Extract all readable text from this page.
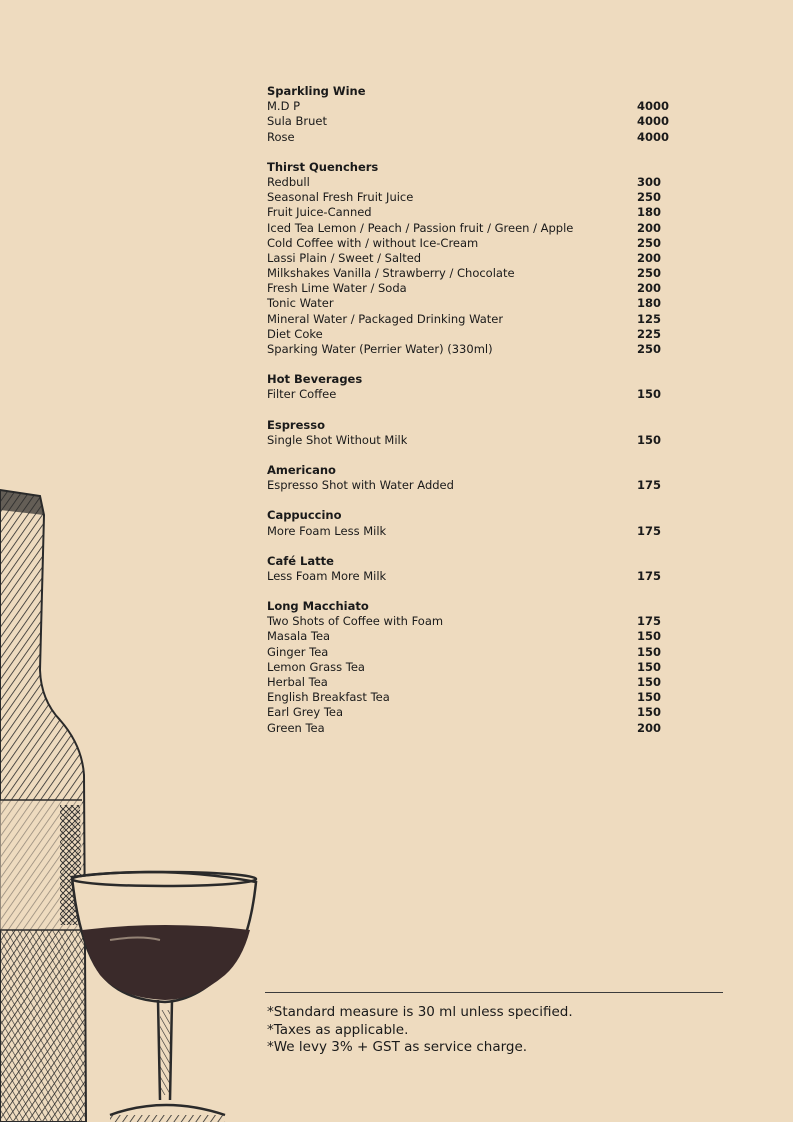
Sparkling Wine
M.D P	4000
Sula Bruet	4000
Rose	4000
Thirst Quenchers
Redbull	300
Seasonal Fresh Fruit Juice	250
Fruit Juice-Canned	180
Iced Tea Lemon / Peach / Passion fruit / Green / Apple	200
Cold Coffee with / without Ice-Cream	250
Lassi Plain / Sweet / Salted	200
Milkshakes Vanilla / Strawberry / Chocolate	250
Fresh Lime Water / Soda	200
Tonic Water	180
Mineral Water / Packaged Drinking Water	125
Diet Coke	225
Sparking Water (Perrier Water) (330ml)	250
Hot Beverages
Filter Coffee	150
Espresso
Single Shot Without Milk	150
Americano
Espresso Shot with Water Added	175
Cappuccino
More Foam Less Milk	175
Café Latte
Less Foam More Milk	175
Long Macchiato
Two Shots of Coffee with Foam	175
Masala Tea	150
Ginger Tea	150
Lemon Grass Tea	150
Herbal Tea	150
English Breakfast Tea	150
Earl Grey Tea	150
Green Tea	200
*Standard measure is 30 ml unless specified.
*Taxes as applicable.
*We levy 3% + GST as service charge.
